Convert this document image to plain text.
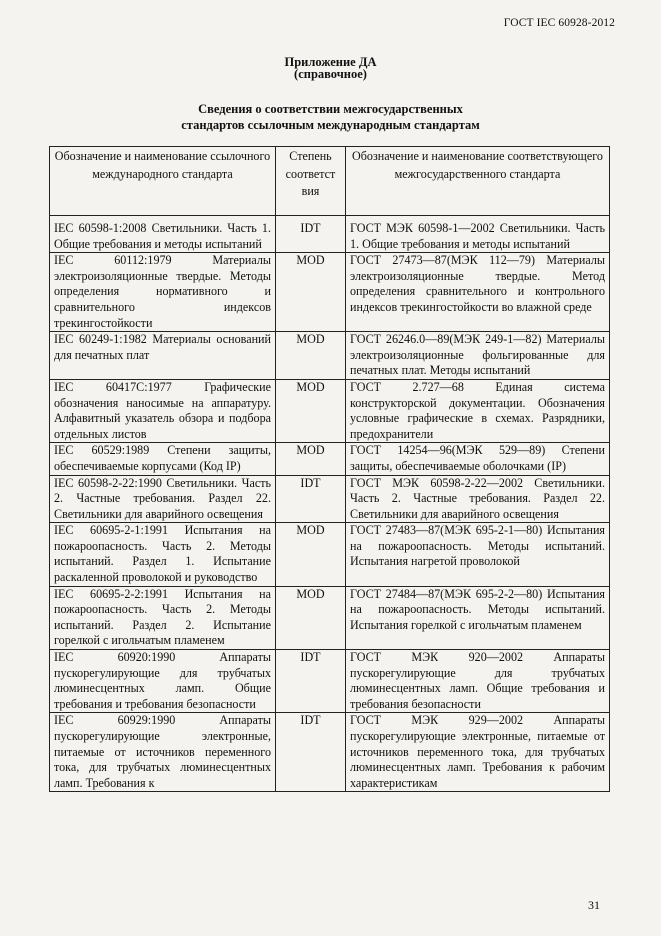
ГОСТ IEC 60928-2012
Приложение ДА
(справочное)
Сведения о соответствии межгосударственных
стандартов ссылочным международным стандартам
Обозначение и наименование ссылочного международного стандарта	Степень соответст вия	Обозначение и наименование соответствующего межгосударственного стандарта

IEC 60598-1:2008 Светильники. Часть 1. Общие требования и методы испытаний	IDT	ГОСТ МЭК 60598-1—2002 Светильники. Часть 1. Общие требования и методы испытаний
IEC 60112:1979 Материалы электроизоляционные твердые. Методы определения нормативного и сравнительного индексов трекингостойкости	MOD	ГОСТ 27473—87(МЭК 112—79) Материалы электроизоляционные твердые. Метод определения сравнительного и контрольного индексов трекингостойкости во влажной среде
IEC 60249-1:1982 Материалы оснований для печатных плат	MOD	ГОСТ 26246.0—89(МЭК 249-1—82) Материалы электроизоляционные фольгированные для печатных плат. Методы испытаний
IEC 60417C:1977 Графические обозначения наносимые на аппаратуру. Алфавитный указатель обзора и подбора отдельных листов	MOD	ГОСТ 2.727—68 Единая система конструкторской документации. Обозначения условные графические в схемах. Разрядники, предохранители
IEC 60529:1989 Степени защиты, обеспечиваемые корпусами (Код IP)	MOD	ГОСТ 14254—96(МЭК 529—89) Степени защиты, обеспечиваемые оболочками (IP)
IEC 60598-2-22:1990 Светильники. Часть 2. Частные требования. Раздел 22. Светильники для аварийного освещения	IDT	ГОСТ МЭК 60598-2-22—2002 Светильники. Часть 2. Частные требования. Раздел 22. Светильники для аварийного освещения
IEC 60695-2-1:1991 Испытания на пожароопасность. Часть 2. Методы испытаний. Раздел 1. Испытание раскаленной проволокой и руководство	MOD	ГОСТ 27483—87(МЭК 695-2-1—80) Испытания на пожароопасность. Методы испытаний. Испытания нагретой проволокой
IEC 60695-2-2:1991 Испытания на пожароопасность. Часть 2. Методы испытаний. Раздел 2. Испытание горелкой с игольчатым пламенем	MOD	ГОСТ 27484—87(МЭК 695-2-2—80) Испытания на пожароопасность. Методы испытаний. Испытания горелкой с игольчатым пламенем
IEC 60920:1990 Аппараты пускорегулирующие для трубчатых люминесцентных ламп. Общие требования и требования безопасности	IDT	ГОСТ МЭК 920—2002 Аппараты пускорегулирующие для трубчатых люминесцентных ламп. Общие требования и требования безопасности
IEC 60929:1990 Аппараты пускорегулирующие электронные, питаемые от источников переменного тока, для трубчатых люминесцентных ламп. Требования к	IDT	ГОСТ МЭК 929—2002 Аппараты пускорегулирующие электронные, питаемые от источников переменного тока, для трубчатых люминесцентных ламп. Требования к рабочим характеристикам
31
